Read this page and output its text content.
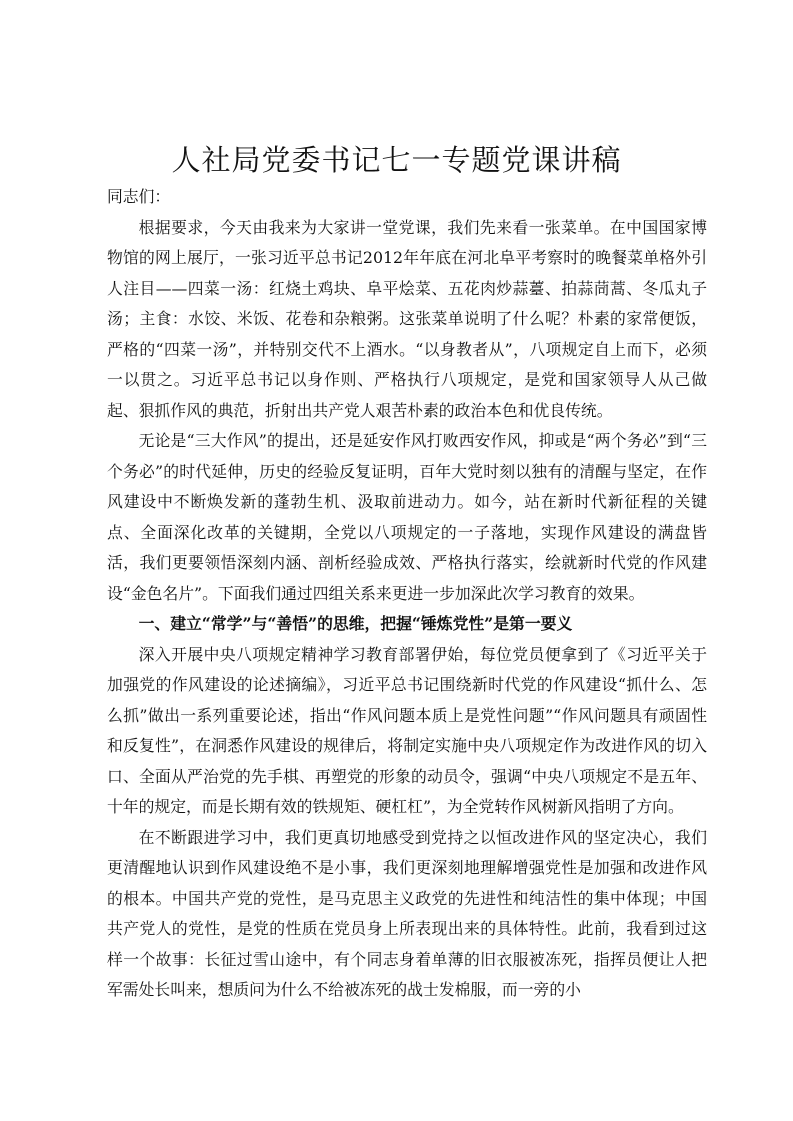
人社局党委书记七一专题党课讲稿

同志们：

根据要求，今天由我来为大家讲一堂党课，我们先来看一张菜单。在中国国家博物馆的网上展厅，一张习近平总书记2012年年底在河北阜平考察时的晚餐菜单格外引人注目——四菜一汤：红烧土鸡块、阜平烩菜、五花肉炒蒜薹、拍蒜茼蒿、冬瓜丸子汤；主食：水饺、米饭、花卷和杂粮粥。这张菜单说明了什么呢？朴素的家常便饭，严格的“四菜一汤”，并特别交代不上酒水。“以身教者从”，八项规定自上而下，必须一以贯之。习近平总书记以身作则、严格执行八项规定，是党和国家领导人从己做起、狠抓作风的典范，折射出共产党人艰苦朴素的政治本色和优良传统。

无论是“三大作风”的提出，还是延安作风打败西安作风，抑或是“两个务必”到“三个务必”的时代延伸，历史的经验反复证明，百年大党时刻以独有的清醒与坚定，在作风建设中不断焕发新的蓬勃生机、汲取前进动力。如今，站在新时代新征程的关键点、全面深化改革的关键期，全党以八项规定的一子落地，实现作风建设的满盘皆活，我们更要领悟深刻内涵、剖析经验成效、严格执行落实，绘就新时代党的作风建设“金色名片”。下面我们通过四组关系来更进一步加深此次学习教育的效果。

一、建立“常学”与“善悟”的思维，把握“锤炼党性”是第一要义

深入开展中央八项规定精神学习教育部署伊始，每位党员便拿到了《习近平关于加强党的作风建设的论述摘编》，习近平总书记围绕新时代党的作风建设“抓什么、怎么抓”做出一系列重要论述，指出“作风问题本质上是党性问题”“作风问题具有顽固性和反复性”，在洞悉作风建设的规律后，将制定实施中央八项规定作为改进作风的切入口、全面从严治党的先手棋、再塑党的形象的动员令，强调“中央八项规定不是五年、十年的规定，而是长期有效的铁规矩、硬杠杠”，为全党转作风树新风指明了方向。

在不断跟进学习中，我们更真切地感受到党持之以恒改进作风的坚定决心，我们更清醒地认识到作风建设绝不是小事，我们更深刻地理解增强党性是加强和改进作风的根本。中国共产党的党性，是马克思主义政党的先进性和纯洁性的集中体现；中国共产党人的党性，是党的性质在党员身上所表现出来的具体特性。此前，我看到过这样一个故事：长征过雪山途中，有个同志身着单薄的旧衣服被冻死，指挥员便让人把军需处长叫来，想质问为什么不给被冻死的战士发棉服，而一旁的小
